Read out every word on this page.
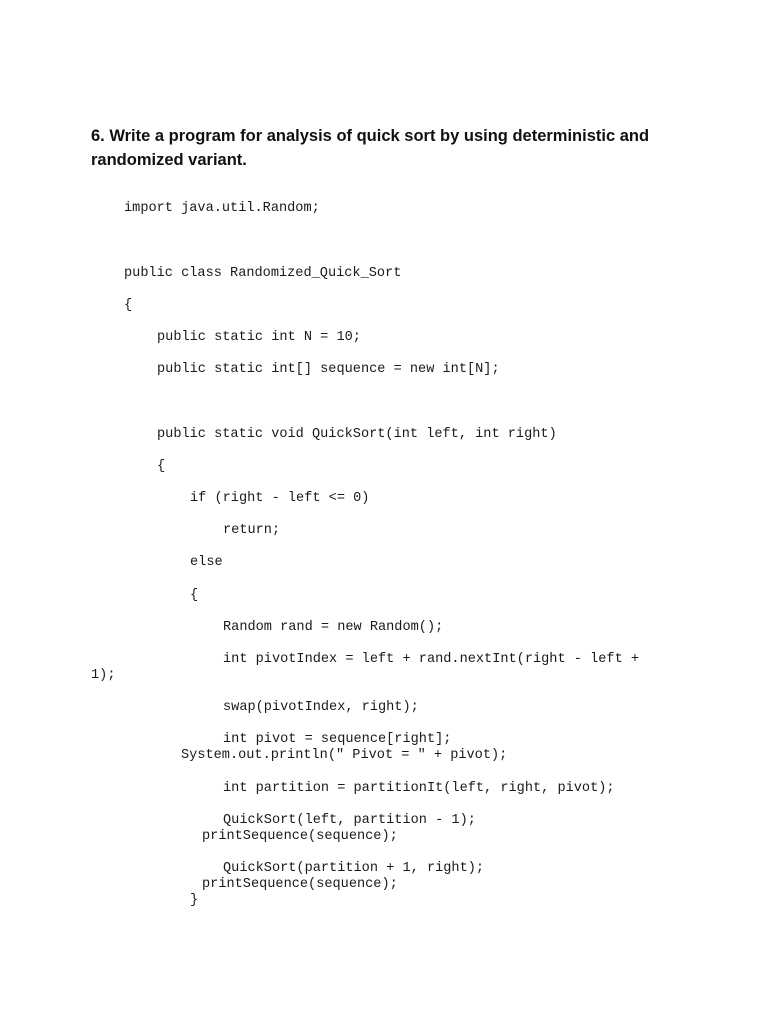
6. Write a program for analysis of quick sort by using deterministic and
randomized variant.
import java.util.Random;
public class Randomized_Quick_Sort
{
public static int N = 10;
public static int[] sequence = new int[N];
public static void QuickSort(int left, int right)
{
if (right - left <= 0)
return;
else
{
Random rand = new Random();
int pivotIndex = left + rand.nextInt(right - left +
1);
swap(pivotIndex, right);
int pivot = sequence[right];
System.out.println(" Pivot = " + pivot);
int partition = partitionIt(left, right, pivot);
QuickSort(left, partition - 1);
printSequence(sequence);
QuickSort(partition + 1, right);
printSequence(sequence);
}
